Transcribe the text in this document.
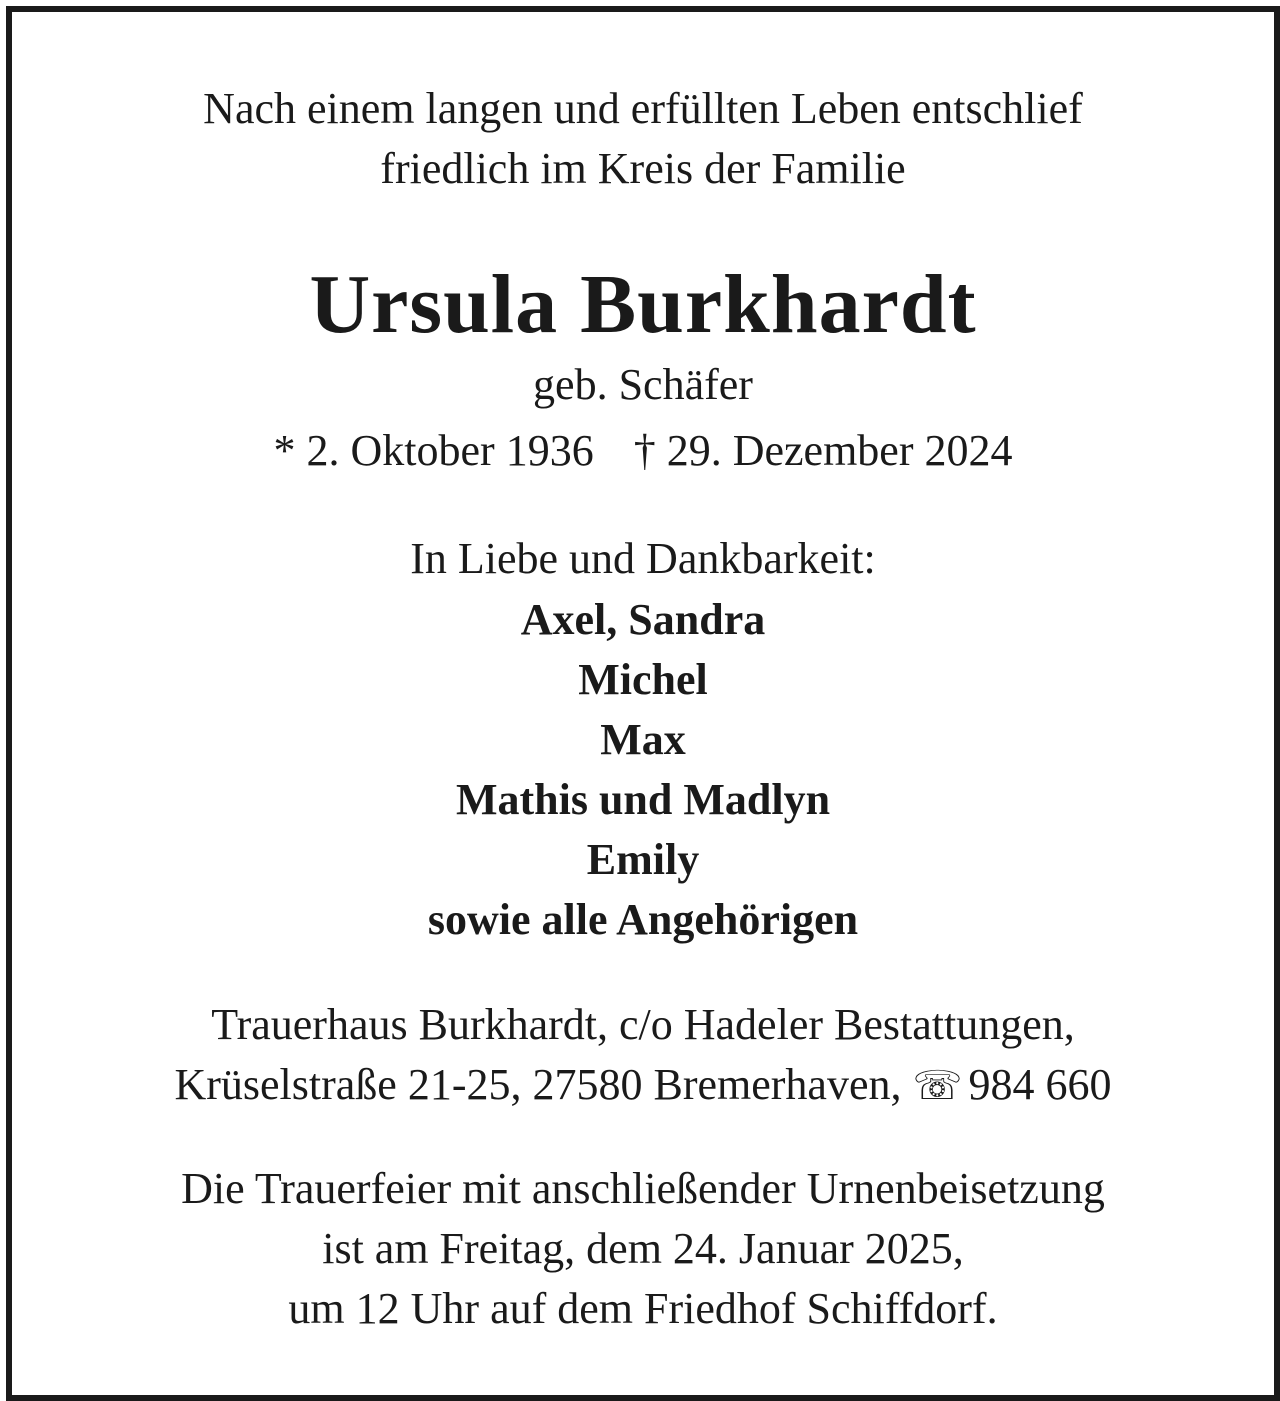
Nach einem langen und erfüllten Leben entschlief
friedlich im Kreis der Familie
Ursula Burkhardt
geb. Schäfer
* 2. Oktober 1936 † 29. Dezember 2024
In Liebe und Dankbarkeit:
Axel, Sandra
Michel
Max
Mathis und Madlyn
Emily
sowie alle Angehörigen
Trauerhaus Burkhardt, c/o Hadeler Bestattungen,
Krüselstraße 21-25, 27580 Bremerhaven, ☏ 984 660
Die Trauerfeier mit anschließender Urnenbeisetzung
ist am Freitag, dem 24. Januar 2025,
um 12 Uhr auf dem Friedhof Schiffdorf.
